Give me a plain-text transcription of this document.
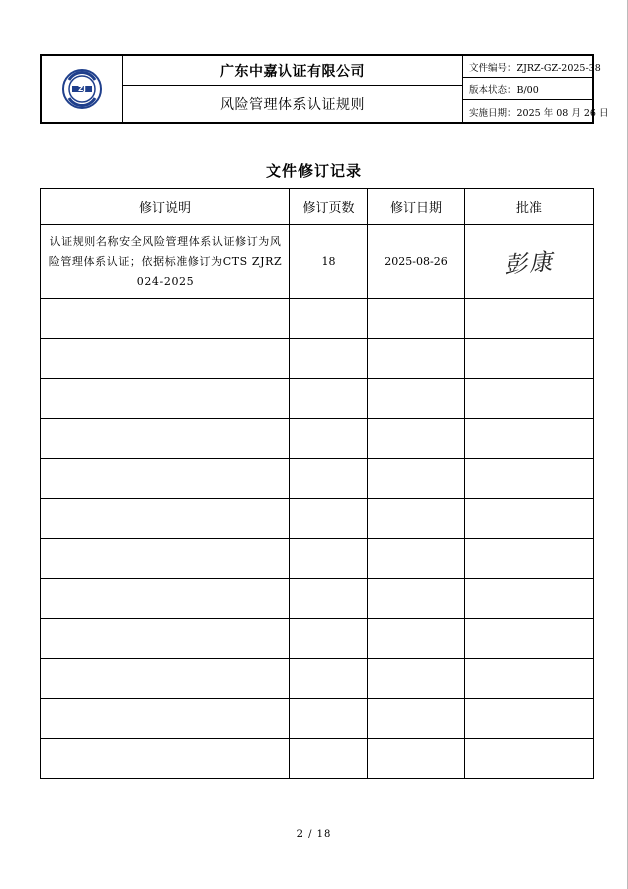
ZJ
广东中嘉认证有限公司
风险管理体系认证规则
文件编号：ZJRZ-GZ-2025-38
版本状态：B/00
实施日期：2025 年 08 月 26 日
文件修订记录
修订说明	修订页数	修订日期	批准
认证规则名称安全风险管理体系认证修订为风险管理体系认证；依据标准修订为CTS ZJRZ 024-2025	18	2025-08-26	彭康

2 / 18
